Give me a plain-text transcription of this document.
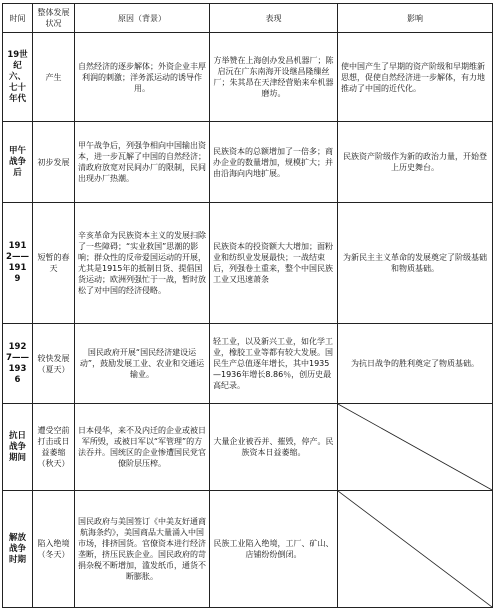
时间	整体发展状况	原因（背景）	表现	影响
19世纪六、七十年代	产生	自然经济的逐步解体；外资企业丰厚利润的刺激；洋务派运动的诱导作用。	方举赞在上海创办发昌机器厂；陈启沅在广东南海开设继昌隆缫丝厂；朱其昂在天津经营贻来牟机器磨坊。	使中国产生了早期的资产阶级和早期维新思想，促使自然经济进一步解体，有力地推动了中国的近代化。
甲午战争后	初步发展	甲午战争后，列强争相向中国输出资本，进一步瓦解了中国的自然经济；清政府放宽对民间办厂的限制，民间出现办厂热潮。	民族资本的总额增加了一倍多；商办企业的数量增加，规模扩大；并由沿海向内地扩展。	民族资产阶级作为新的政治力量，开始登上历史舞台。
1912——1919	短暂的春天	辛亥革命为民族资本主义的发展扫除了一些障碍；“实业救国”思潮的影响；群众性的反帝爱国运动的开展，尤其是1915年的抵制日货、提倡国货运动；欧洲列强忙于一战，暂时放松了对中国的经济侵略。	民族资本的投资额大大增加；面粉业和纺织业发展最快；一战结束后，列强卷土重来，整个中国民族工业又迅速萧条	为新民主主义革命的发展奠定了阶级基础和物质基础。
1927——1936	较快发展（夏天）	国民政府开展“国民经济建设运动”，鼓励发展工业、农业和交通运输业。	轻工业，以及新兴工业，如化学工业，橡胶工业等都有较大发展。国民生产总值逐年增长，其中1935—1936年增长8.86％，创历史最高纪录。	为抗日战争的胜利奠定了物质基础。
抗日战争期间	遭受空前打击或日益萎缩（秋天）	日本侵华，来不及内迁的企业或被日军所毁，或被日军以“军管理”的方法吞并。国统区的企业惨遭国民党官僚阶层压榨。	大量企业被吞并、摧毁，停产。民族资本日益萎缩。	

解放战争时期	陷入绝境（冬天）	国民政府与美国签订《中美友好通商航海条约》，美国商品大量涌入中国市场，排挤国货。官僚资本进行经济垄断，挤压民族企业。国民政府的苛捐杂税不断增加，滥发纸币，通货不断膨胀。	民族工业陷入绝境，工厂、矿山、店铺纷纷倒闭。	
